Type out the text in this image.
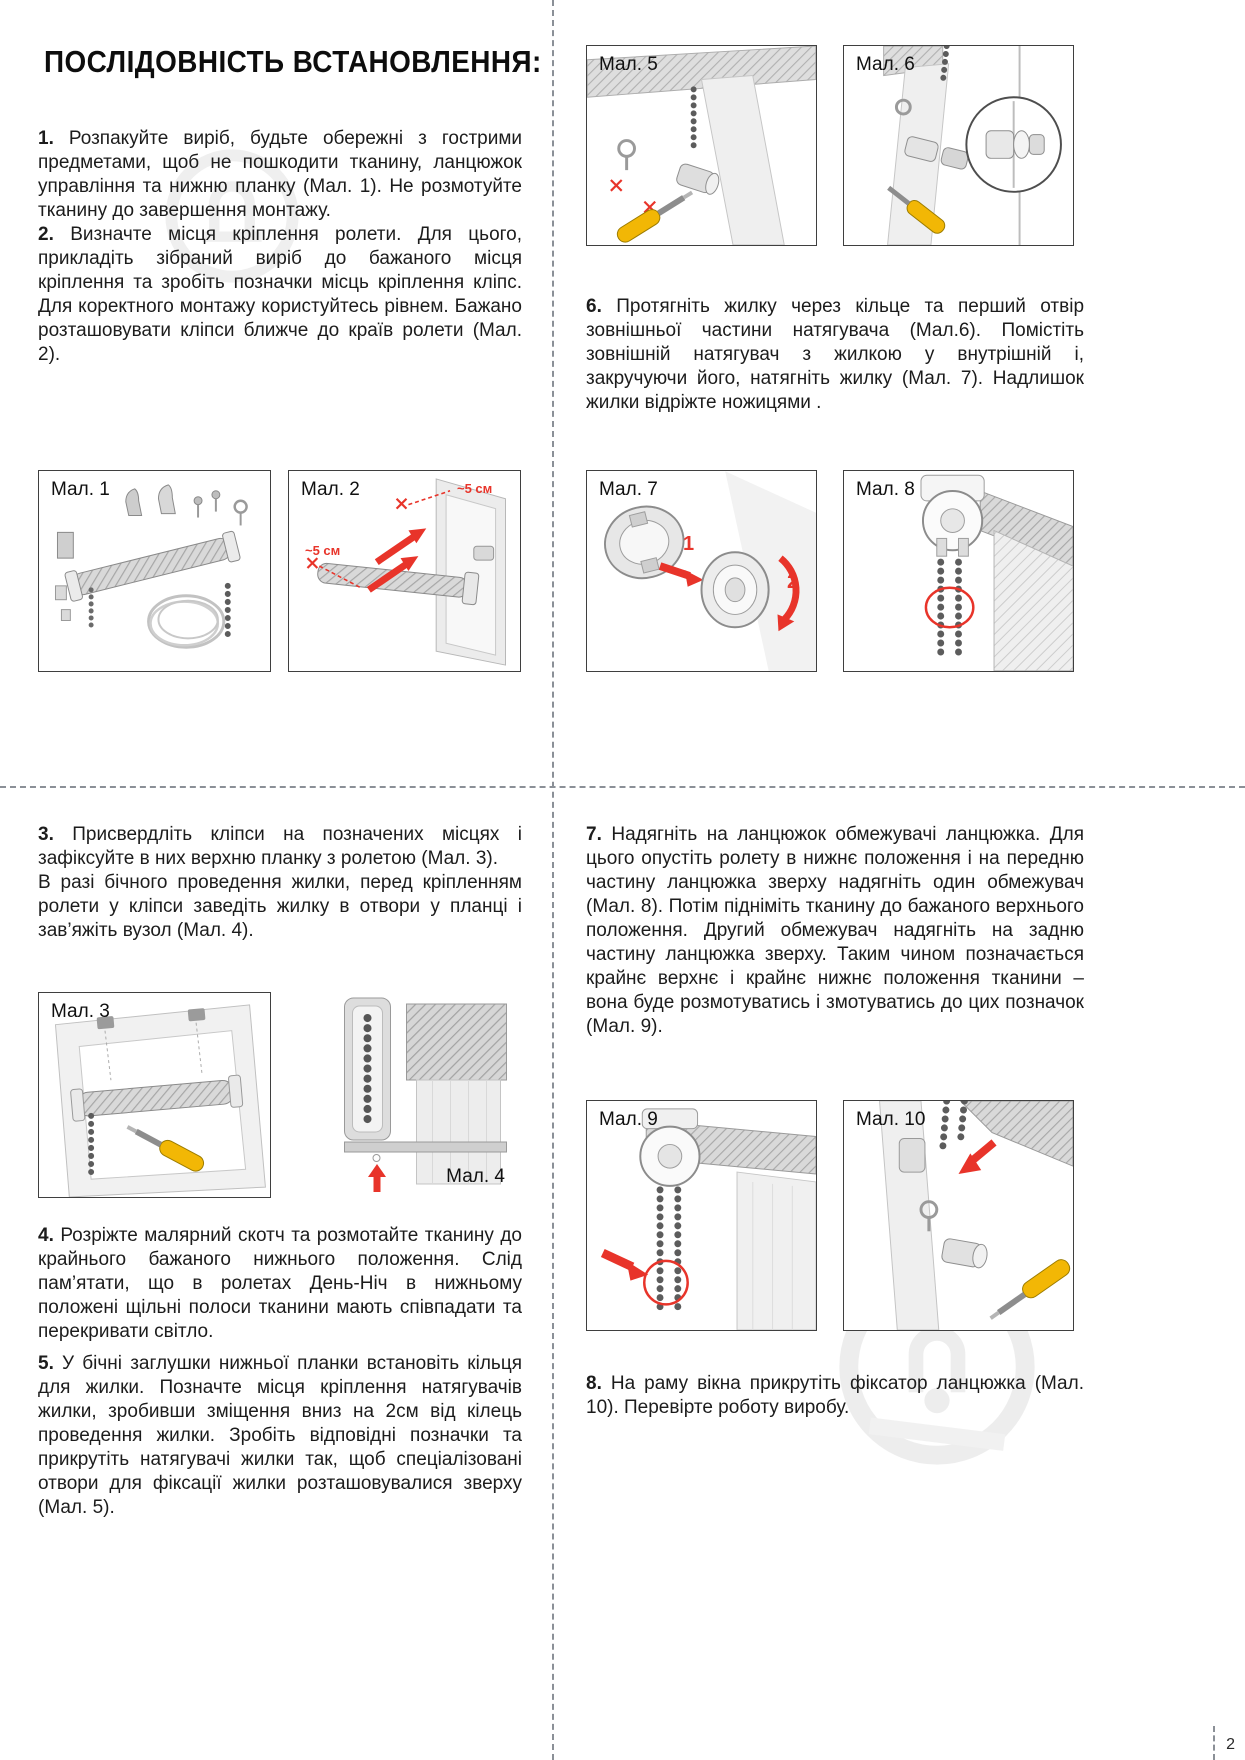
ПОСЛІДОВНІСТЬ ВСТАНОВЛЕННЯ:

1. Розпакуйте виріб, будьте обережні з гострими предметами, щоб не пошкодити тканину, ланцюжок управління та нижню планку (Мал. 1). Не розмотуйте тканину до завершення монтажу.

2. Визначте місця кріплення ролети. Для цього, прикладіть зібраний виріб до бажаного місця кріплення та зробіть позначки місць кріплення кліпс. Для коректного монтажу користуйтесь рівнем. Бажано розташовувати кліпси ближче до країв ролети (Мал. 2).

Мал. 1	Мал. 2	~5 см
~5 см
Мал. 5	Мал. 6

6. Протягніть жилку через кільце та перший отвір зовнішньої частини натягувача (Мал.6). Помістіть зовнішній натягувач з жилкою у внутрішній і, закручуючи його, натягніть жилку (Мал. 7). Надлишок жилки відріжте ножицями .

Мал. 7
1
2
Мал. 8

3. Присвердліть кліпси на позначених місцях і зафіксуйте в них верхню планку з ролетою (Мал. 3).
В разі бічного проведення жилки, перед кріпленням ролети у кліпси заведіть жилку в отвори у планці і зав’яжіть вузол (Мал. 4).

Мал. 3
Мал. 4

4. Розріжте малярний скотч та розмотайте тканину до крайнього бажаного нижнього положення. Слід пам’ятати, що в ролетах День-Ніч в нижньому положені щільні полоси тканини мають співпадати та перекривати світло.

5. У бічні заглушки нижньої планки встановіть кільця для жилки. Позначте місця кріплення натягувачів жилки, зробивши зміщення вниз на 2см від кілець проведення жилки. Зробіть відповідні позначки та прикрутіть натягувачі жилки так, щоб спеціалізовані отвори для фіксації жилки розташовувалися зверху (Мал. 5).

7. Надягніть на ланцюжок обмежувачі ланцюжка. Для цього опустіть ролету в нижнє положення і на передню частину ланцюжка зверху надягніть один обмежувач (Мал. 8). Потім підніміть тканину до бажаного верхнього положення. Другий обмежувач надягніть на задню частину ланцюжка зверху. Таким чином позначається крайнє верхнє і крайнє нижнє положення тканини – вона буде розмотуватись і змотуватись до цих позначок (Мал. 9).

Мал. 9	Мал. 10

8. На раму вікна прикрутіть фіксатор ланцюжка (Мал. 10). Перевірте роботу виробу.

2
